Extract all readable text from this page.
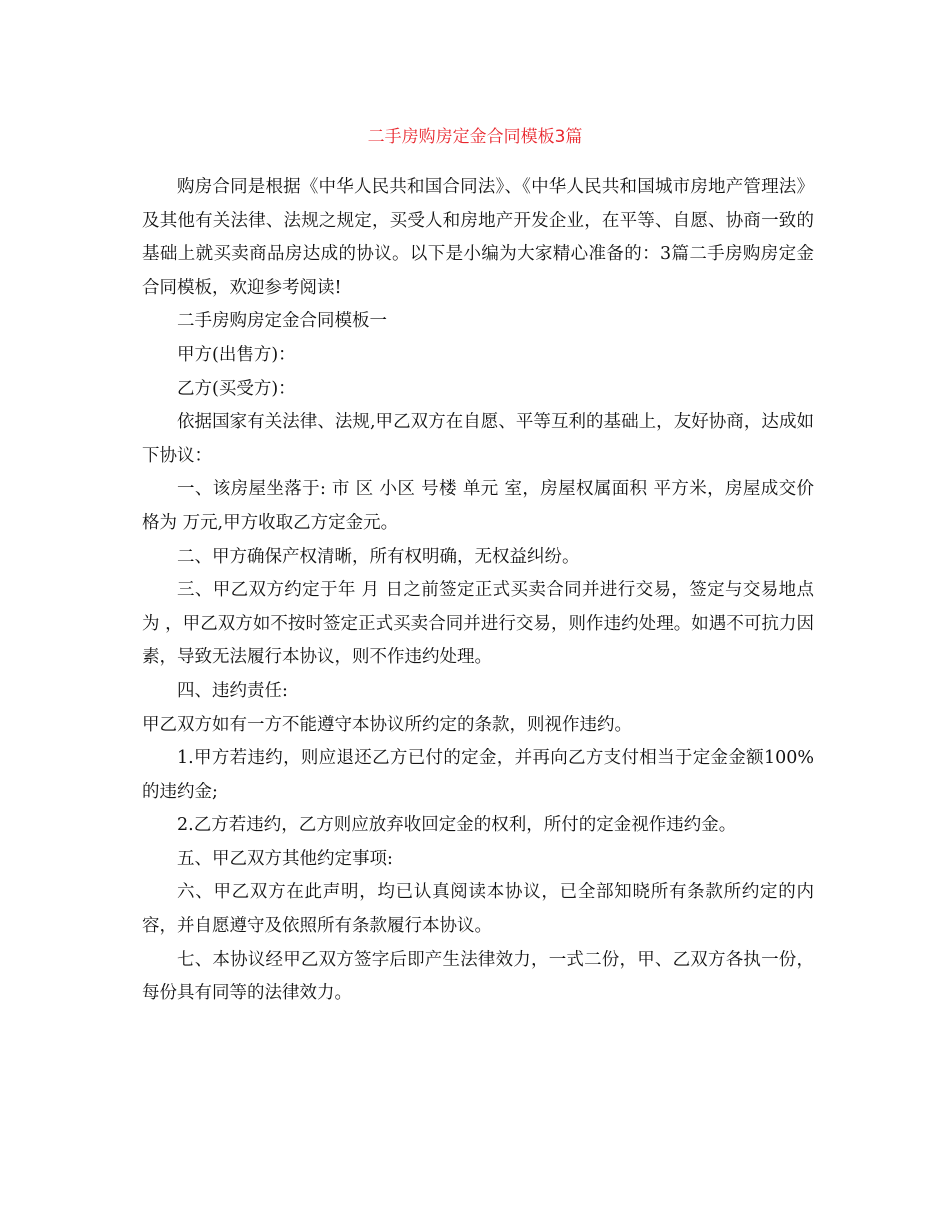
二手房购房定金合同模板3篇

购房合同是根据《中华人民共和国合同法》、《中华人民共和国城市房地产管理法》及其他有关法律、法规之规定，买受人和房地产开发企业，在平等、自愿、协商一致的基础上就买卖商品房达成的协议。以下是小编为大家精心准备的：3篇二手房购房定金合同模板，欢迎参考阅读!

二手房购房定金合同模板一

甲方(出售方)：

乙方(买受方)：

依据国家有关法律、法规,甲乙双方在自愿、平等互利的基础上，友好协商，达成如下协议：

一、该房屋坐落于: 市 区 小区 号楼 单元 室，房屋权属面积 平方米，房屋成交价格为 万元,甲方收取乙方定金元。

二、甲方确保产权清晰，所有权明确，无权益纠纷。

三、甲乙双方约定于年 月 日之前签定正式买卖合同并进行交易，签定与交易地点为 ，甲乙双方如不按时签定正式买卖合同并进行交易，则作违约处理。如遇不可抗力因素，导致无法履行本协议，则不作违约处理。

四、违约责任:

甲乙双方如有一方不能遵守本协议所约定的条款，则视作违约。

1.甲方若违约，则应退还乙方已付的定金，并再向乙方支付相当于定金金额100%的违约金;

2.乙方若违约，乙方则应放弃收回定金的权利，所付的定金视作违约金。

五、甲乙双方其他约定事项:

六、甲乙双方在此声明，均已认真阅读本协议，已全部知晓所有条款所约定的内容，并自愿遵守及依照所有条款履行本协议。

七、本协议经甲乙双方签字后即产生法律效力，一式二份，甲、乙双方各执一份，每份具有同等的法律效力。
